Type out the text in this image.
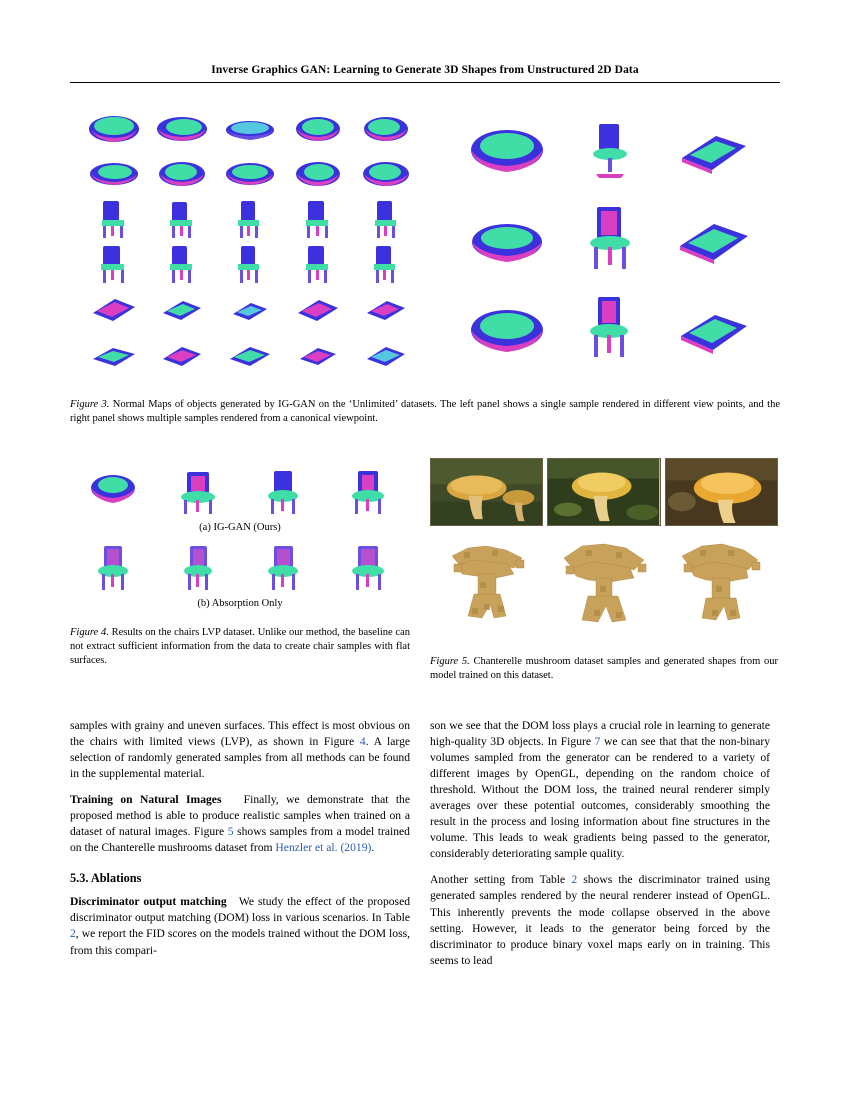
Inverse Graphics GAN: Learning to Generate 3D Shapes from Unstructured 2D Data
Figure 3. Normal Maps of objects generated by IG-GAN on the ‘Unlimited’ datasets. The left panel shows a single sample rendered in different view points, and the right panel shows multiple samples rendered from a canonical viewpoint.
(a) IG-GAN (Ours)
(b) Absorption Only
Figure 4. Results on the chairs LVP dataset. Unlike our method, the baseline can not extract sufficient information from the data to create chair samples with flat surfaces.	Figure 5. Chanterelle mushroom dataset samples and generated shapes from our model trained on this dataset.

samples with grainy and uneven surfaces. This effect is most obvious on the chairs with limited views (LVP), as shown in Figure 4. A large selection of randomly generated samples from all methods can be found in the supplemental material.

Training on Natural Images Finally, we demonstrate that the proposed method is able to produce realistic samples when trained on a dataset of natural images. Figure 5 shows samples from a model trained on the Chanterelle mushrooms dataset from Henzler et al. (2019).

5.3. Ablations

Discriminator output matching We study the effect of the proposed discriminator output matching (DOM) loss in various scenarios. In Table 2, we report the FID scores on the models trained without the DOM loss, from this compari-

son we see that the DOM loss plays a crucial role in learning to generate high-quality 3D objects. In Figure 7 we can see that that the non-binary volumes sampled from the generator can be rendered to a variety of different images by OpenGL, depending on the random choice of threshold. Without the DOM loss, the trained neural renderer simply averages over these potential outcomes, considerably smoothing the result in the process and losing information about fine structures in the volume. This leads to weak gradients being passed to the generator, considerably deteriorating sample quality.

Another setting from Table 2 shows the discriminator trained using generated samples rendered by the neural renderer instead of OpenGL. This inherently prevents the mode collapse observed in the above setting. However, it leads to the generator being forced by the discriminator to produce binary voxel maps early on in training. This seems to lead
